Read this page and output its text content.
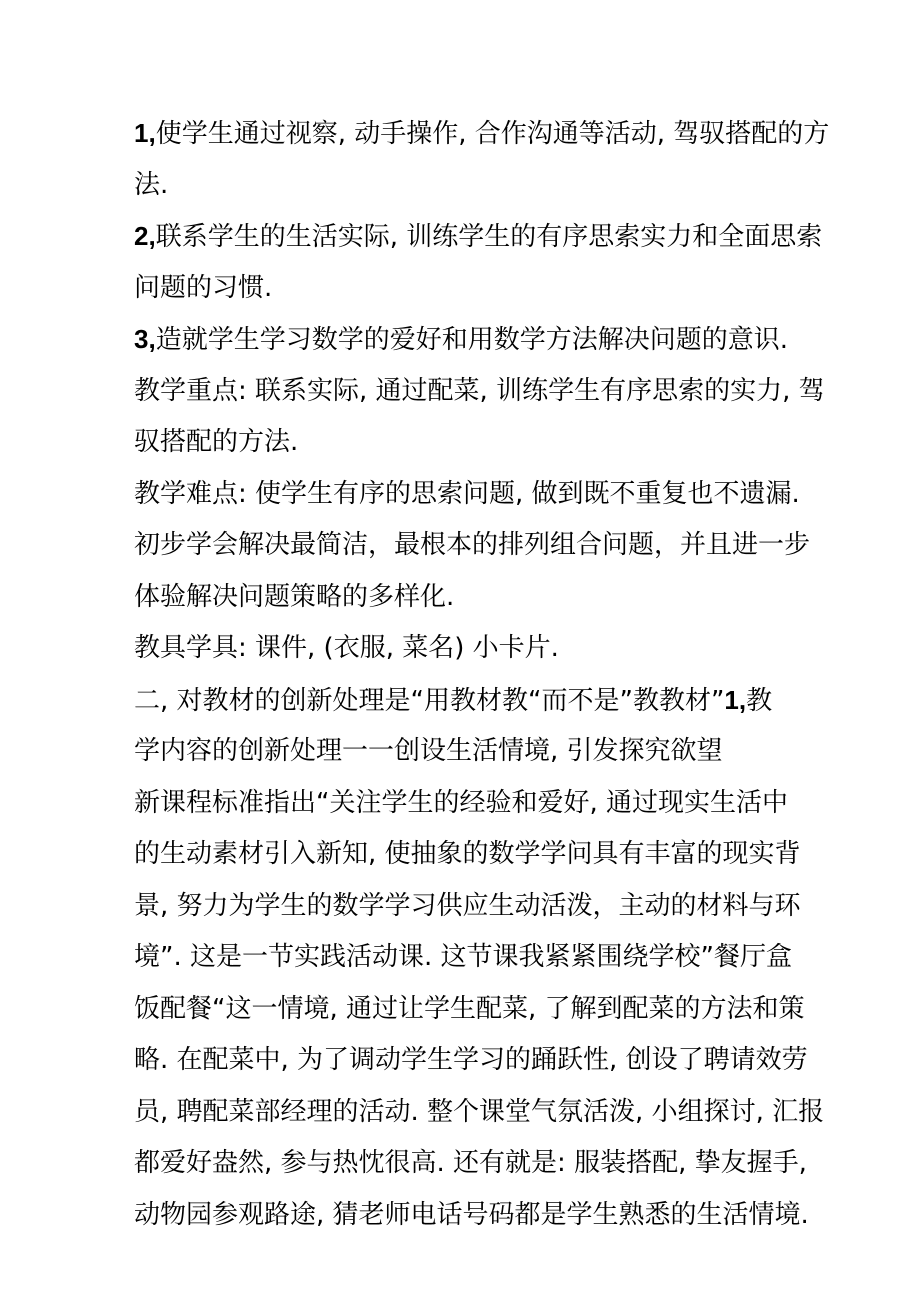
1,使学生通过视察, 动手操作, 合作沟通等活动, 驾驭搭配的方
法.
2,联系学生的生活实际, 训练学生的有序思索实力和全面思索
问题的习惯.
3,造就学生学习数学的爱好和用数学方法解决问题的意识.
教学重点: 联系实际, 通过配菜, 训练学生有序思索的实力, 驾
驭搭配的方法.
教学难点: 使学生有序的思索问题, 做到既不重复也不遗漏.
初步学会解决最简洁，最根本的排列组合问题，并且进一步
体验解决问题策略的多样化.
教具学具: 课件, (衣服, 菜名) 小卡片.
二, 对教材的创新处理是“用教材教“而不是”教教材”1,教
学内容的创新处理一一创设生活情境, 引发探究欲望
新课程标准指出“关注学生的经验和爱好, 通过现实生活中
的生动素材引入新知, 使抽象的数学学问具有丰富的现实背
景, 努力为学生的数学学习供应生动活泼，主动的材料与环
境”. 这是一节实践活动课. 这节课我紧紧围绕学校”餐厅盒
饭配餐“这一情境, 通过让学生配菜, 了解到配菜的方法和策
略. 在配菜中, 为了调动学生学习的踊跃性, 创设了聘请效劳
员, 聘配菜部经理的活动. 整个课堂气氛活泼, 小组探讨, 汇报
都爱好盎然, 参与热忱很高. 还有就是: 服装搭配, 挚友握手,
动物园参观路途, 猜老师电话号码都是学生熟悉的生活情境.
